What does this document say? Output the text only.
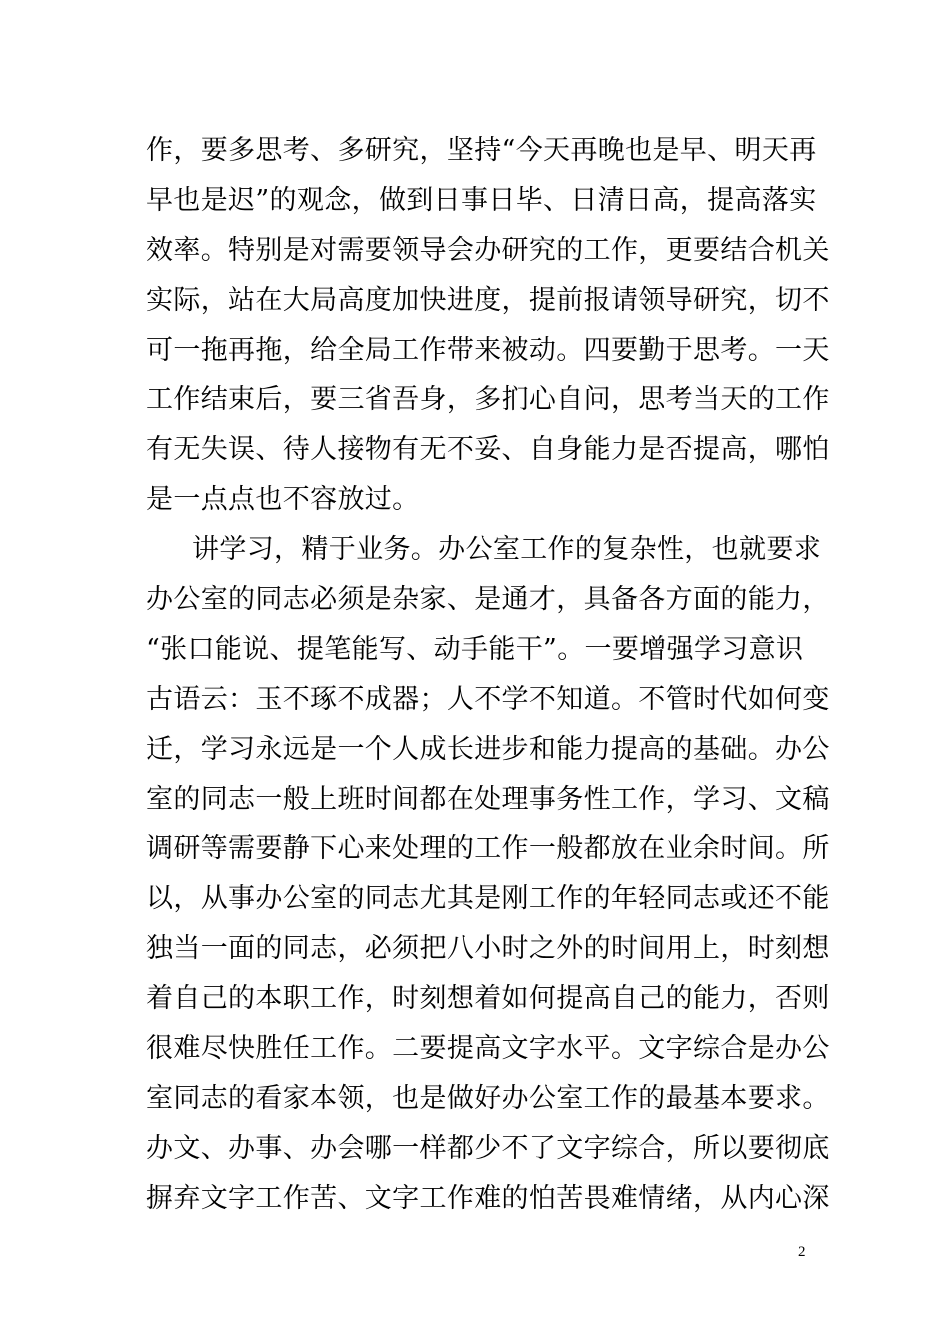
作，要多思考、多研究，坚持“今天再晚也是早、明天再
早也是迟”的观念，做到日事日毕、日清日高，提高落实
效率。特别是对需要领导会办研究的工作，更要结合机关
实际，站在大局高度加快进度，提前报请领导研究，切不
可一拖再拖，给全局工作带来被动。四要勤于思考。一天
工作结束后，要三省吾身，多扪心自问，思考当天的工作
有无失误、待人接物有无不妥、自身能力是否提高，哪怕
是一点点也不容放过。
讲学习，精于业务。办公室工作的复杂性，也就要求
办公室的同志必须是杂家、是通才，具备各方面的能力，
“张口能说、提笔能写、动手能干”。一要增强学习意识
古语云：玉不琢不成器；人不学不知道。不管时代如何变
迁，学习永远是一个人成长进步和能力提高的基础。办公
室的同志一般上班时间都在处理事务性工作，学习、文稿
调研等需要静下心来处理的工作一般都放在业余时间。所
以，从事办公室的同志尤其是刚工作的年轻同志或还不能
独当一面的同志，必须把八小时之外的时间用上，时刻想
着自己的本职工作，时刻想着如何提高自己的能力，否则
很难尽快胜任工作。二要提高文字水平。文字综合是办公
室同志的看家本领，也是做好办公室工作的最基本要求。
办文、办事、办会哪一样都少不了文字综合，所以要彻底
摒弃文字工作苦、文字工作难的怕苦畏难情绪，从内心深
2
